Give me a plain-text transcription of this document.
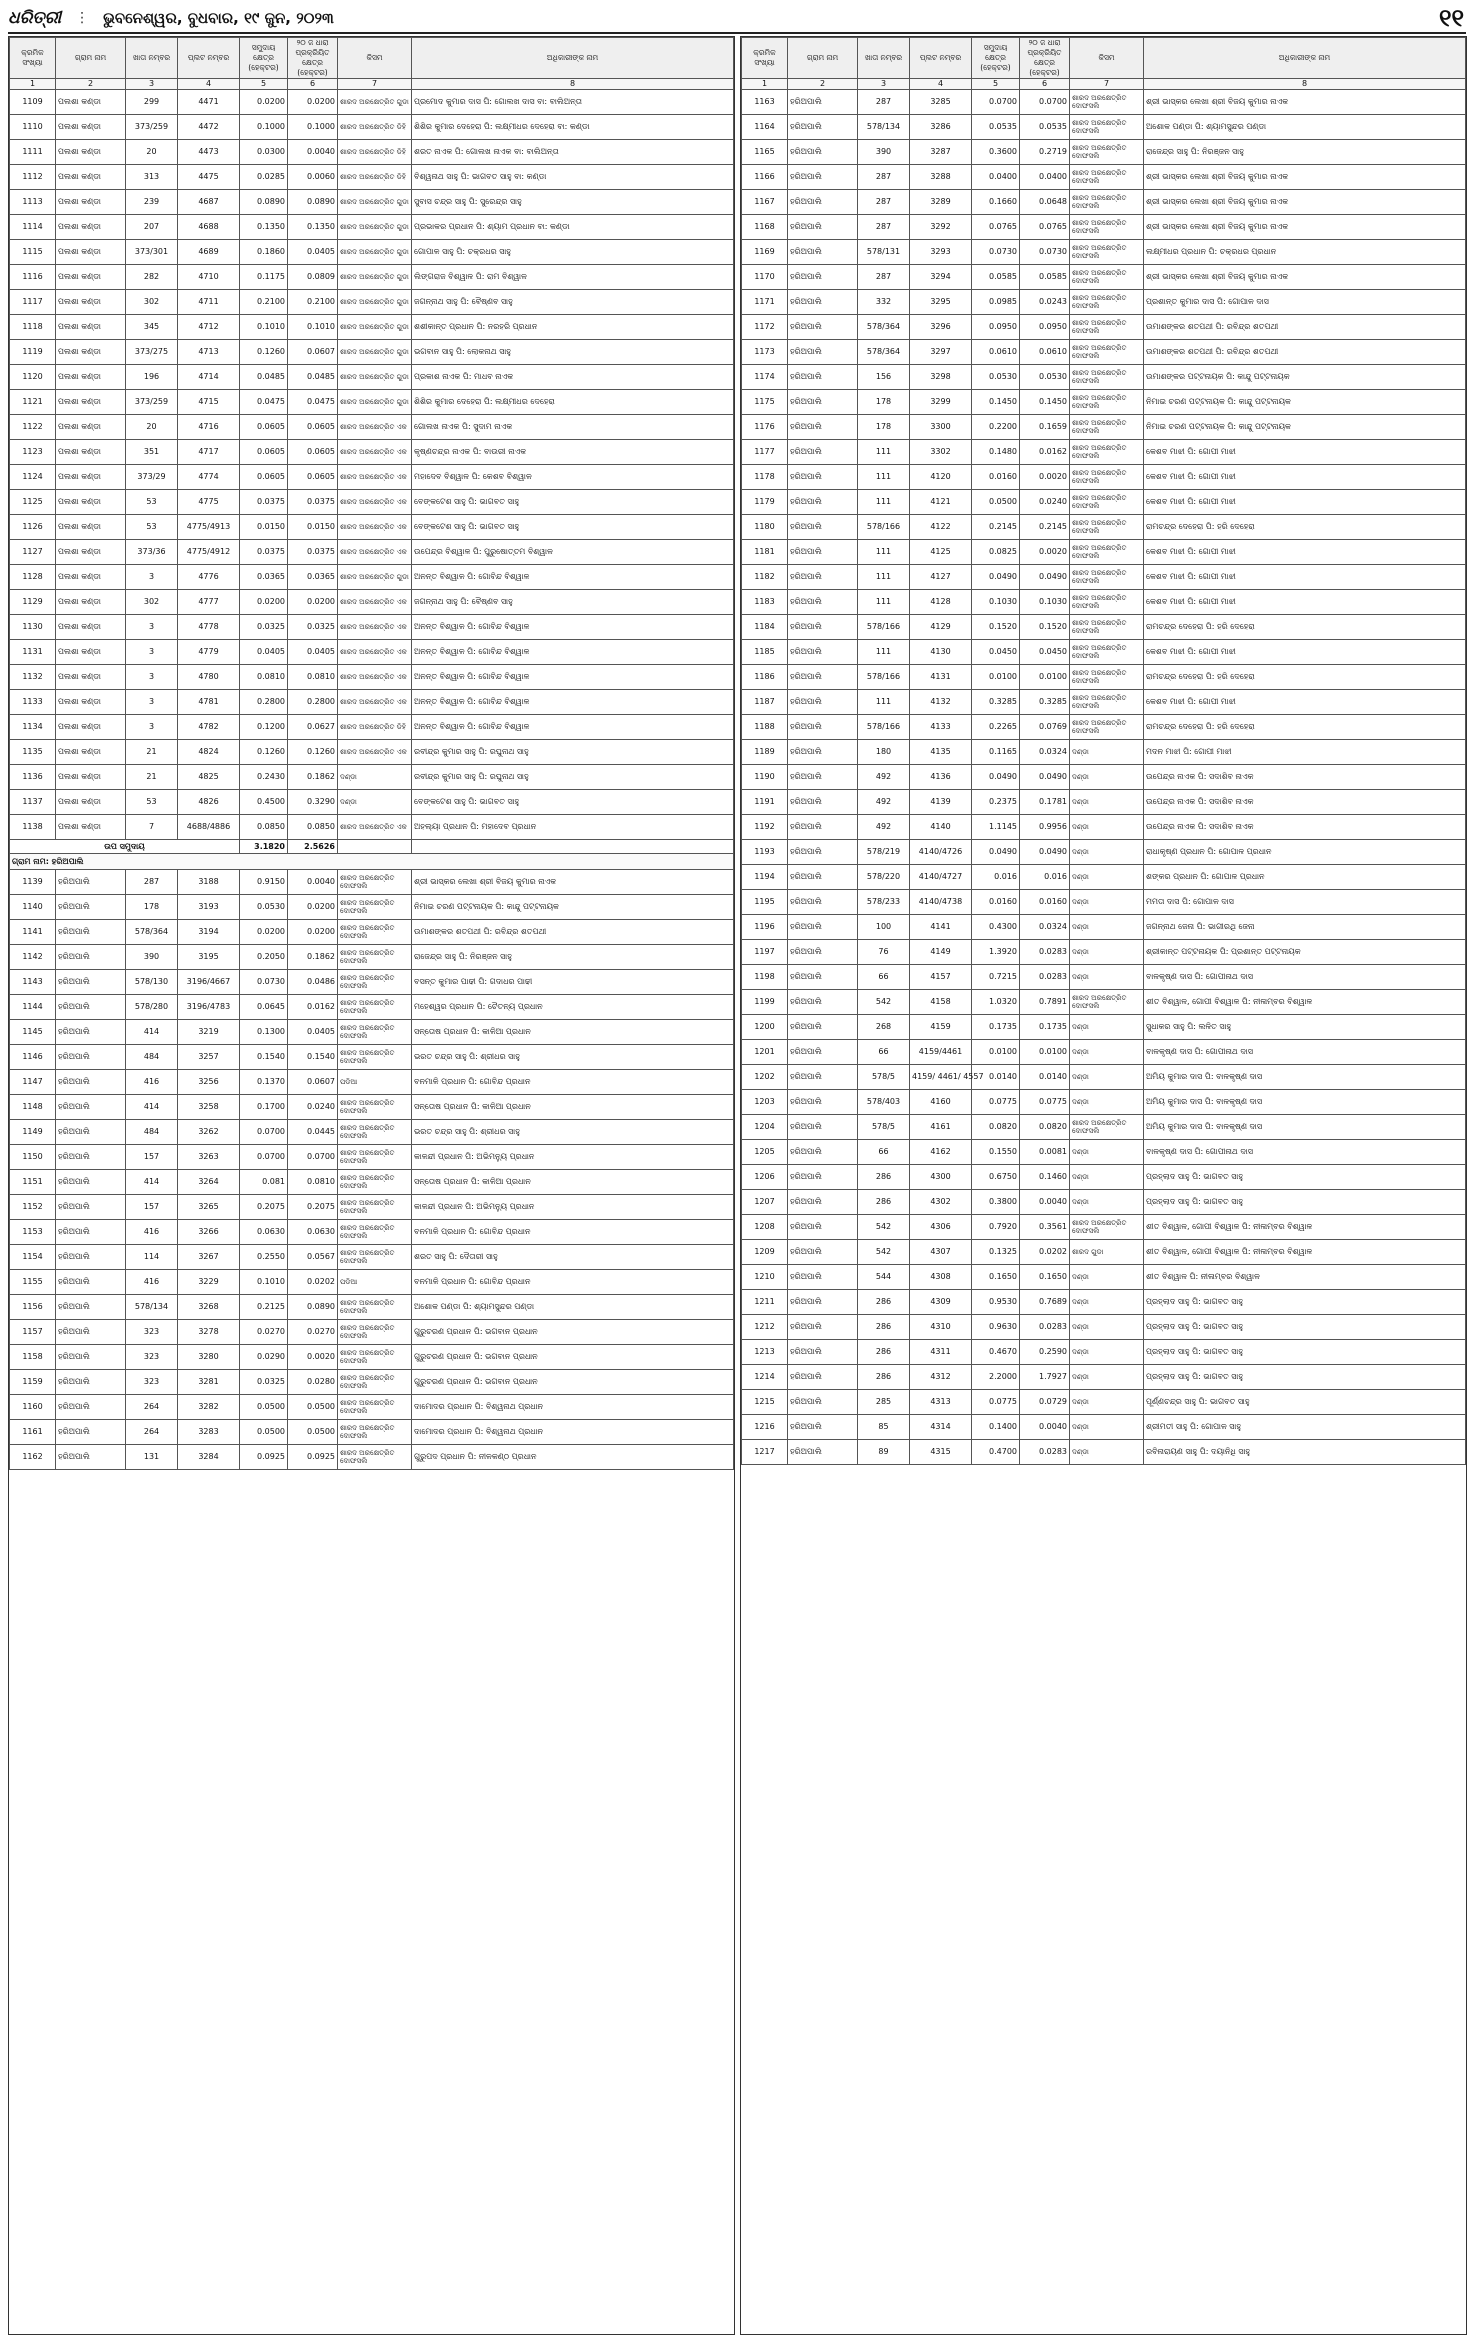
ଧରିତ୍ରୀ ⋮ ଭୁବନେଶ୍ୱର, ବୁଧବାର, ୧୯ ଜୁନ, ୨୦୨୩	୧୧
କ୍ରମିକ ସଂଖ୍ୟା	ଗ୍ରାମ ନାମ	ଖାତା ନମ୍ବର	ପ୍ଲଟ ନମ୍ବର	ସମୁଦାୟ କ୍ଷେତ୍ର (ହେକ୍ଟର)	୨୦ ଜ ଧାରା ପ୍ରକ୍ରିୟିତ କ୍ଷେତ୍ର (ହେକ୍ଟର)	କିସମ	ଅଧିକାରୀଙ୍କ ନାମ
1	2	3	4	5	6	7	8
1109	ପଲଶା କଣ୍ଡା	299	4471	0.0200	0.0200	ଶାରଦ ଅରକ୍ଷେତ୍ରିତ ଗୁଡା	ପ୍ରମୋଦ କୁମାର ଦାସ ପି: ଗୋଲଖ ଦାସ ବା: ବାଲିଅନ୍ତା
1110	ପଲଶା କଣ୍ଡା	373/259	4472	0.1000	0.1000	ଶାରଦ ଅରକ୍ଷେତ୍ରିତ ଡିହି	ଶିଶିର କୁମାର ଦେହେରା ପି: ଲକ୍ଷ୍ମୀଧର ଦେହେରା ବା: କଣ୍ଡା
1111	ପଲଶା କଣ୍ଡା	20	4473	0.0300	0.0040	ଶାରଦ ଅରକ୍ଷେତ୍ରିତ ଡିହି	ଶରତ ନାଏକ ପି: ଗୋଲଖ ନାଏକ ବା: ବାଲିଅନ୍ତା
1112	ପଲଶା କଣ୍ଡା	313	4475	0.0285	0.0060	ଶାରଦ ଅରକ୍ଷେତ୍ରିତ ଡିହି	ବିଶ୍ୱନାଥ ସାହୁ ପି: ଭାଗବତ ସାହୁ ବା: କଣ୍ଡା
1113	ପଲଶା କଣ୍ଡା	239	4687	0.0890	0.0890	ଶାରଦ ଅରକ୍ଷେତ୍ରିତ ଗୁଡା	ସୁବାସ ଚନ୍ଦ୍ର ସାହୁ ପି: ସୁରେନ୍ଦ୍ର ସାହୁ
1114	ପଲଶା କଣ୍ଡା	207	4688	0.1350	0.1350	ଶାରଦ ଅରକ୍ଷେତ୍ରିତ ଗୁଡା	ପ୍ରଭାକର ପ୍ରଧାନ ପି: ଶ୍ୟାମ ପ୍ରଧାନ ବା: କଣ୍ଡା
1115	ପଲଶା କଣ୍ଡା	373/301	4689	0.1860	0.0405	ଶାରଦ ଅରକ୍ଷେତ୍ରିତ ଗୁଡା	ଗୋପାଳ ସାହୁ ପି: ଚକ୍ରଧର ସାହୁ
1116	ପଲଶା କଣ୍ଡା	282	4710	0.1175	0.0809	ଶାରଦ ଅରକ୍ଷେତ୍ରିତ ଗୁଡା	ଲିଙ୍ଗରାଜ ବିଶ୍ୱାଳ ପି: ରାମ ବିଶ୍ୱାଳ
1117	ପଲଶା କଣ୍ଡା	302	4711	0.2100	0.2100	ଶାରଦ ଅରକ୍ଷେତ୍ରିତ ଗୁଡା	ଜଗନ୍ନାଥ ସାହୁ ପି: ବୈଷ୍ଣବ ସାହୁ
1118	ପଲଶା କଣ୍ଡା	345	4712	0.1010	0.1010	ଶାରଦ ଅରକ୍ଷେତ୍ରିତ ଗୁଡା	ଶଶୀକାନ୍ତ ପ୍ରଧାନ ପି: ନରହରି ପ୍ରଧାନ
1119	ପଲଶା କଣ୍ଡା	373/275	4713	0.1260	0.0607	ଶାରଦ ଅରକ୍ଷେତ୍ରିତ ଗୁଡା	ଭଗବାନ ସାହୁ ପି: ଲୋକନାଥ ସାହୁ
1120	ପଲଶା କଣ୍ଡା	196	4714	0.0485	0.0485	ଶାରଦ ଅରକ୍ଷେତ୍ରିତ ଗୁଡା	ପ୍ରକାଶ ନାଏକ ପି: ମାଧବ ନାଏକ
1121	ପଲଶା କଣ୍ଡା	373/259	4715	0.0475	0.0475	ଶାରଦ ଅରକ୍ଷେତ୍ରିତ ଗୁଡା	ଶିଶିର କୁମାର ଦେହେରା ପି: ଲକ୍ଷ୍ମୀଧର ଦେହେରା
1122	ପଲଶା କଣ୍ଡା	20	4716	0.0605	0.0605	ଶାରଦ ଅରକ୍ଷେତ୍ରିତ ଏକ	ଗୋଲଖ ନାଏକ ପି: ସୁଦାମ ନାଏକ
1123	ପଲଶା କଣ୍ଡା	351	4717	0.0605	0.0605	ଶାରଦ ଅରକ୍ଷେତ୍ରିତ ଏକ	କୃଷ୍ଣଚନ୍ଦ୍ର ନାଏକ ପି: ବାଉରୀ ନାଏକ
1124	ପଲଶା କଣ୍ଡା	373/29	4774	0.0605	0.0605	ଶାରଦ ଅରକ୍ଷେତ୍ରିତ ଏକ	ମହାଦେବ ବିଶ୍ୱାଳ ପି: କେଶବ ବିଶ୍ୱାଳ
1125	ପଲଶା କଣ୍ଡା	53	4775	0.0375	0.0375	ଶାରଦ ଅରକ୍ଷେତ୍ରିତ ଏକ	ବେଙ୍କଟେଶ ସାହୁ ପି: ଭାଗବତ ସାହୁ
1126	ପଲଶା କଣ୍ଡା	53	4775/4913	0.0150	0.0150	ଶାରଦ ଅରକ୍ଷେତ୍ରିତ ଏକ	ବେଙ୍କଟେଶ ସାହୁ ପି: ଭାଗବତ ସାହୁ
1127	ପଲଶା କଣ୍ଡା	373/36	4775/4912	0.0375	0.0375	ଶାରଦ ଅରକ୍ଷେତ୍ରିତ ଏକ	ଉପେନ୍ଦ୍ର ବିଶ୍ୱାଳ ପି: ପୁରୁଷୋତ୍ତମ ବିଶ୍ୱାଳ
1128	ପଲଶା କଣ୍ଡା	3	4776	0.0365	0.0365	ଶାରଦ ଅରକ୍ଷେତ୍ରିତ ଗୁଡା	ଅନନ୍ତ ବିଶ୍ୱାଳ ପି: ଗୋବିନ୍ଦ ବିଶ୍ୱାଳ
1129	ପଲଶା କଣ୍ଡା	302	4777	0.0200	0.0200	ଶାରଦ ଅରକ୍ଷେତ୍ରିତ ଏକ	ଜଗନ୍ନାଥ ସାହୁ ପି: ବୈଷ୍ଣବ ସାହୁ
1130	ପଲଶା କଣ୍ଡା	3	4778	0.0325	0.0325	ଶାରଦ ଅରକ୍ଷେତ୍ରିତ ଏକ	ଅନନ୍ତ ବିଶ୍ୱାଳ ପି: ଗୋବିନ୍ଦ ବିଶ୍ୱାଳ
1131	ପଲଶା କଣ୍ଡା	3	4779	0.0405	0.0405	ଶାରଦ ଅରକ୍ଷେତ୍ରିତ ଏକ	ଅନନ୍ତ ବିଶ୍ୱାଳ ପି: ଗୋବିନ୍ଦ ବିଶ୍ୱାଳ
1132	ପଲଶା କଣ୍ଡା	3	4780	0.0810	0.0810	ଶାରଦ ଅରକ୍ଷେତ୍ରିତ ଏକ	ଅନନ୍ତ ବିଶ୍ୱାଳ ପି: ଗୋବିନ୍ଦ ବିଶ୍ୱାଳ
1133	ପଲଶା କଣ୍ଡା	3	4781	0.2800	0.2800	ଶାରଦ ଅରକ୍ଷେତ୍ରିତ ଏକ	ଅନନ୍ତ ବିଶ୍ୱାଳ ପି: ଗୋବିନ୍ଦ ବିଶ୍ୱାଳ
1134	ପଲଶା କଣ୍ଡା	3	4782	0.1200	0.0627	ଶାରଦ ଅରକ୍ଷେତ୍ରିତ ଡିହି	ଅନନ୍ତ ବିଶ୍ୱାଳ ପି: ଗୋବିନ୍ଦ ବିଶ୍ୱାଳ
1135	ପଲଶା କଣ୍ଡା	21	4824	0.1260	0.1260	ଶାରଦ ଅରକ୍ଷେତ୍ରିତ ଏକ	ରବୀନ୍ଦ୍ର କୁମାର ସାହୁ ପି: ରଘୁନାଥ ସାହୁ
1136	ପଲଶା କଣ୍ଡା	21	4825	0.2430	0.1862	ଦଣ୍ଡା	ରବୀନ୍ଦ୍ର କୁମାର ସାହୁ ପି: ରଘୁନାଥ ସାହୁ
1137	ପଲଶା କଣ୍ଡା	53	4826	0.4500	0.3290	ଦଣ୍ଡା	ବେଙ୍କଟେଶ ସାହୁ ପି: ଭାଗବତ ସାହୁ
1138	ପଲଶା କଣ୍ଡା	7	4688/4886	0.0850	0.0850	ଶାରଦ ଅରକ୍ଷେତ୍ରିତ ଏକ	ଅହଲ୍ୟା ପ୍ରଧାନ ପି: ମହାଦେବ ପ୍ରଧାନ
ଉପ ସମୁଦାୟ				3.1820	2.5626		
ଗ୍ରାମ ନାମ: ହରିଅପାଲି							
1139	ହରିଅପାଲି	287	3188	0.9150	0.0040	ଶାରଦ ଅରକ୍ଷେତ୍ରିତ ଦୋଫସଲି	ଶ୍ରୀ ଭାସ୍କର ଲେଖା ଶ୍ରୀ ବିଜୟ କୁମାର ନାଏକ
1140	ହରିଅପାଲି	178	3193	0.0530	0.0200	ଶାରଦ ଅରକ୍ଷେତ୍ରିତ ଦୋଫସଲି	ନିମାଇ ଚରଣ ପଟ୍ଟନାୟକ ପି: କାନ୍ଦୁ ପଟ୍ଟନାୟକ
1141	ହରିଅପାଲି	578/364	3194	0.0200	0.0200	ଶାରଦ ଅରକ୍ଷେତ୍ରିତ ଦୋଫସଲି	ଉମାଶଙ୍କର ଶତପଥୀ ପି: ରବିନ୍ଦ୍ର ଶତପଥୀ
1142	ହରିଅପାଲି	390	3195	0.2050	0.1862	ଶାରଦ ଅରକ୍ଷେତ୍ରିତ ଦୋଫସଲି	ରାଜେନ୍ଦ୍ର ସାହୁ ପି: ନିରଞ୍ଜନ ସାହୁ
1143	ହରିଅପାଲି	578/130	3196/4667	0.0730	0.0486	ଶାରଦ ଅରକ୍ଷେତ୍ରିତ ଦୋଫସଲି	ବସନ୍ତ କୁମାର ପାଢୀ ପି: ଗଦାଧର ପାଢୀ
1144	ହରିଅପାଲି	578/280	3196/4783	0.0645	0.0162	ଶାରଦ ଅରକ୍ଷେତ୍ରିତ ଦୋଫସଲି	ମହେଶ୍ୱର ପ୍ରଧାନ ପି: ଚୈତନ୍ୟ ପ୍ରଧାନ
1145	ହରିଅପାଲି	414	3219	0.1300	0.0405	ଶାରଦ ଅରକ୍ଷେତ୍ରିତ ଦୋଫସଲି	ସନ୍ତୋଷ ପ୍ରଧାନ ପି: କାଳିଆ ପ୍ରଧାନ
1146	ହରିଅପାଲି	484	3257	0.1540	0.1540	ଶାରଦ ଅରକ୍ଷେତ୍ରିତ ଦୋଫସଲି	ଭରତ ଚନ୍ଦ୍ର ସାହୁ ପି: ଶ୍ରୀଧର ସାହୁ
1147	ହରିଅପାଲି	416	3256	0.1370	0.0607	ପଡିଆ	ବନମାଳି ପ୍ରଧାନ ପି: ଗୋବିନ୍ଦ ପ୍ରଧାନ
1148	ହରିଅପାଲି	414	3258	0.1700	0.0240	ଶାରଦ ଅରକ୍ଷେତ୍ରିତ ଦୋଫସଲି	ସନ୍ତୋଷ ପ୍ରଧାନ ପି: କାଳିଆ ପ୍ରଧାନ
1149	ହରିଅପାଲି	484	3262	0.0700	0.0445	ଶାରଦ ଅରକ୍ଷେତ୍ରିତ ଦୋଫସଲି	ଭରତ ଚନ୍ଦ୍ର ସାହୁ ପି: ଶ୍ରୀଧର ସାହୁ
1150	ହରିଅପାଲି	157	3263	0.0700	0.0700	ଶାରଦ ଅରକ୍ଷେତ୍ରିତ ଦୋଫସଲି	କାଳନ୍ଦୀ ପ୍ରଧାନ ପି: ଅଭିମନ୍ୟୁ ପ୍ରଧାନ
1151	ହରିଅପାଲି	414	3264	0.081	0.0810	ଶାରଦ ଅରକ୍ଷେତ୍ରିତ ଦୋଫସଲି	ସନ୍ତୋଷ ପ୍ରଧାନ ପି: କାଳିଆ ପ୍ରଧାନ
1152	ହରିଅପାଲି	157	3265	0.2075	0.2075	ଶାରଦ ଅରକ୍ଷେତ୍ରିତ ଦୋଫସଲି	କାଳନ୍ଦୀ ପ୍ରଧାନ ପି: ଅଭିମନ୍ୟୁ ପ୍ରଧାନ
1153	ହରିଅପାଲି	416	3266	0.0630	0.0630	ଶାରଦ ଅରକ୍ଷେତ୍ରିତ ଦୋଫସଲି	ବନମାଳି ପ୍ରଧାନ ପି: ଗୋବିନ୍ଦ ପ୍ରଧାନ
1154	ହରିଅପାଲି	114	3267	0.2550	0.0567	ଶାରଦ ଅରକ୍ଷେତ୍ରିତ ଦୋଫସଲି	ଶରତ ସାହୁ ପି: ଦୈତାରୀ ସାହୁ
1155	ହରିଅପାଲି	416	3229	0.1010	0.0202	ପଡିଆ	ବନମାଳି ପ୍ରଧାନ ପି: ଗୋବିନ୍ଦ ପ୍ରଧାନ
1156	ହରିଅପାଲି	578/134	3268	0.2125	0.0890	ଶାରଦ ଅରକ୍ଷେତ୍ରିତ ଦୋଫସଲି	ଅଶୋକ ପଣ୍ଡା ପି: ଶ୍ୟାମସୁନ୍ଦର ପଣ୍ଡା
1157	ହରିଅପାଲି	323	3278	0.0270	0.0270	ଶାରଦ ଅରକ୍ଷେତ୍ରିତ ଦୋଫସଲି	ଗୁରୁଚରଣ ପ୍ରଧାନ ପି: ଭଗବାନ ପ୍ରଧାନ
1158	ହରିଅପାଲି	323	3280	0.0290	0.0020	ଶାରଦ ଅରକ୍ଷେତ୍ରିତ ଦୋଫସଲି	ଗୁରୁଚରଣ ପ୍ରଧାନ ପି: ଭଗବାନ ପ୍ରଧାନ
1159	ହରିଅପାଲି	323	3281	0.0325	0.0280	ଶାରଦ ଅରକ୍ଷେତ୍ରିତ ଦୋଫସଲି	ଗୁରୁଚରଣ ପ୍ରଧାନ ପି: ଭଗବାନ ପ୍ରଧାନ
1160	ହରିଅପାଲି	264	3282	0.0500	0.0500	ଶାରଦ ଅରକ୍ଷେତ୍ରିତ ଦୋଫସଲି	ଦାମୋଦର ପ୍ରଧାନ ପି: ବିଶ୍ୱନାଥ ପ୍ରଧାନ
1161	ହରିଅପାଲି	264	3283	0.0500	0.0500	ଶାରଦ ଅରକ୍ଷେତ୍ରିତ ଦୋଫସଲି	ଦାମୋଦର ପ୍ରଧାନ ପି: ବିଶ୍ୱନାଥ ପ୍ରଧାନ
1162	ହରିଅପାଲି	131	3284	0.0925	0.0925	ଶାରଦ ଅରକ୍ଷେତ୍ରିତ ଦୋଫସଲି	ଗୁରୁପଦ ପ୍ରଧାନ ପି: ନୀଳକଣ୍ଠ ପ୍ରଧାନ
କ୍ରମିକ ସଂଖ୍ୟା	ଗ୍ରାମ ନାମ	ଖାତା ନମ୍ବର	ପ୍ଲଟ ନମ୍ବର	ସମୁଦାୟ କ୍ଷେତ୍ର (ହେକ୍ଟର)	୨୦ ଜ ଧାରା ପ୍ରକ୍ରିୟିତ କ୍ଷେତ୍ର (ହେକ୍ଟର)	କିସମ	ଅଧିକାରୀଙ୍କ ନାମ
1	2	3	4	5	6	7	8
1163	ହରିଅପାଲି	287	3285	0.0700	0.0700	ଶାରଦ ଅରକ୍ଷେତ୍ରିତ ଦୋଫସଲି	ଶ୍ରୀ ଭାସ୍କର ଲେଖା ଶ୍ରୀ ବିଜୟ କୁମାର ନାଏକ
1164	ହରିଅପାଲି	578/134	3286	0.0535	0.0535	ଶାରଦ ଅରକ୍ଷେତ୍ରିତ ଦୋଫସଲି	ଅଶୋକ ପଣ୍ଡା ପି: ଶ୍ୟାମସୁନ୍ଦର ପଣ୍ଡା
1165	ହରିଅପାଲି	390	3287	0.3600	0.2719	ଶାରଦ ଅରକ୍ଷେତ୍ରିତ ଦୋଫସଲି	ରାଜେନ୍ଦ୍ର ସାହୁ ପି: ନିରଞ୍ଜନ ସାହୁ
1166	ହରିଅପାଲି	287	3288	0.0400	0.0400	ଶାରଦ ଅରକ୍ଷେତ୍ରିତ ଦୋଫସଲି	ଶ୍ରୀ ଭାସ୍କର ଲେଖା ଶ୍ରୀ ବିଜୟ କୁମାର ନାଏକ
1167	ହରିଅପାଲି	287	3289	0.1660	0.0648	ଶାରଦ ଅରକ୍ଷେତ୍ରିତ ଦୋଫସଲି	ଶ୍ରୀ ଭାସ୍କର ଲେଖା ଶ୍ରୀ ବିଜୟ କୁମାର ନାଏକ
1168	ହରିଅପାଲି	287	3292	0.0765	0.0765	ଶାରଦ ଅରକ୍ଷେତ୍ରିତ ଦୋଫସଲି	ଶ୍ରୀ ଭାସ୍କର ଲେଖା ଶ୍ରୀ ବିଜୟ କୁମାର ନାଏକ
1169	ହରିଅପାଲି	578/131	3293	0.0730	0.0730	ଶାରଦ ଅରକ୍ଷେତ୍ରିତ ଦୋଫସଲି	ଲକ୍ଷ୍ମୀଧର ପ୍ରଧାନ ପି: ଚକ୍ରଧର ପ୍ରଧାନ
1170	ହରିଅପାଲି	287	3294	0.0585	0.0585	ଶାରଦ ଅରକ୍ଷେତ୍ରିତ ଦୋଫସଲି	ଶ୍ରୀ ଭାସ୍କର ଲେଖା ଶ୍ରୀ ବିଜୟ କୁମାର ନାଏକ
1171	ହରିଅପାଲି	332	3295	0.0985	0.0243	ଶାରଦ ଅରକ୍ଷେତ୍ରିତ ଦୋଫସଲି	ପ୍ରଶାନ୍ତ କୁମାର ଦାସ ପି: ଗୋପାଳ ଦାସ
1172	ହରିଅପାଲି	578/364	3296	0.0950	0.0950	ଶାରଦ ଅରକ୍ଷେତ୍ରିତ ଦୋଫସଲି	ଉମାଶଙ୍କର ଶତପଥୀ ପି: ରବିନ୍ଦ୍ର ଶତପଥୀ
1173	ହରିଅପାଲି	578/364	3297	0.0610	0.0610	ଶାରଦ ଅରକ୍ଷେତ୍ରିତ ଦୋଫସଲି	ଉମାଶଙ୍କର ଶତପଥୀ ପି: ରବିନ୍ଦ୍ର ଶତପଥୀ
1174	ହରିଅପାଲି	156	3298	0.0530	0.0530	ଶାରଦ ଅରକ୍ଷେତ୍ରିତ ଦୋଫସଲି	ଉମାଶଙ୍କର ପଟ୍ଟନାୟକ ପି: କାନ୍ଦୁ ପଟ୍ଟନାୟକ
1175	ହରିଅପାଲି	178	3299	0.1450	0.1450	ଶାରଦ ଅରକ୍ଷେତ୍ରିତ ଦୋଫସଲି	ନିମାଇ ଚରଣ ପଟ୍ଟନାୟକ ପି: କାନ୍ଦୁ ପଟ୍ଟନାୟକ
1176	ହରିଅପାଲି	178	3300	0.2200	0.1659	ଶାରଦ ଅରକ୍ଷେତ୍ରିତ ଦୋଫସଲି	ନିମାଇ ଚରଣ ପଟ୍ଟନାୟକ ପି: କାନ୍ଦୁ ପଟ୍ଟନାୟକ
1177	ହରିଅପାଲି	111	3302	0.1480	0.0162	ଶାରଦ ଅରକ୍ଷେତ୍ରିତ ଦୋଫସଲି	କେଶବ ମାଝୀ ପି: ଗୋପୀ ମାଝୀ
1178	ହରିଅପାଲି	111	4120	0.0160	0.0020	ଶାରଦ ଅରକ୍ଷେତ୍ରିତ ଦୋଫସଲି	କେଶବ ମାଝୀ ପି: ଗୋପୀ ମାଝୀ
1179	ହରିଅପାଲି	111	4121	0.0500	0.0240	ଶାରଦ ଅରକ୍ଷେତ୍ରିତ ଦୋଫସଲି	କେଶବ ମାଝୀ ପି: ଗୋପୀ ମାଝୀ
1180	ହରିଅପାଲି	578/166	4122	0.2145	0.2145	ଶାରଦ ଅରକ୍ଷେତ୍ରିତ ଦୋଫସଲି	ରାମଚନ୍ଦ୍ର ଦେହେରା ପି: ହରି ଦେହେରା
1181	ହରିଅପାଲି	111	4125	0.0825	0.0020	ଶାରଦ ଅରକ୍ଷେତ୍ରିତ ଦୋଫସଲି	କେଶବ ମାଝୀ ପି: ଗୋପୀ ମାଝୀ
1182	ହରିଅପାଲି	111	4127	0.0490	0.0490	ଶାରଦ ଅରକ୍ଷେତ୍ରିତ ଦୋଫସଲି	କେଶବ ମାଝୀ ପି: ଗୋପୀ ମାଝୀ
1183	ହରିଅପାଲି	111	4128	0.1030	0.1030	ଶାରଦ ଅରକ୍ଷେତ୍ରିତ ଦୋଫସଲି	କେଶବ ମାଝୀ ପି: ଗୋପୀ ମାଝୀ
1184	ହରିଅପାଲି	578/166	4129	0.1520	0.1520	ଶାରଦ ଅରକ୍ଷେତ୍ରିତ ଦୋଫସଲି	ରାମଚନ୍ଦ୍ର ଦେହେରା ପି: ହରି ଦେହେରା
1185	ହରିଅପାଲି	111	4130	0.0450	0.0450	ଶାରଦ ଅରକ୍ଷେତ୍ରିତ ଦୋଫସଲି	କେଶବ ମାଝୀ ପି: ଗୋପୀ ମାଝୀ
1186	ହରିଅପାଲି	578/166	4131	0.0100	0.0100	ଶାରଦ ଅରକ୍ଷେତ୍ରିତ ଦୋଫସଲି	ରାମଚନ୍ଦ୍ର ଦେହେରା ପି: ହରି ଦେହେରା
1187	ହରିଅପାଲି	111	4132	0.3285	0.3285	ଶାରଦ ଅରକ୍ଷେତ୍ରିତ ଦୋଫସଲି	କେଶବ ମାଝୀ ପି: ଗୋପୀ ମାଝୀ
1188	ହରିଅପାଲି	578/166	4133	0.2265	0.0769	ଶାରଦ ଅରକ୍ଷେତ୍ରିତ ଦୋଫସଲି	ରାମଚନ୍ଦ୍ର ଦେହେରା ପି: ହରି ଦେହେରା
1189	ହରିଅପାଲି	180	4135	0.1165	0.0324	ଦଣ୍ଡା	ମଦନ ମାଝୀ ପି: ଗୋପୀ ମାଝୀ
1190	ହରିଅପାଲି	492	4136	0.0490	0.0490	ଦଣ୍ଡା	ଉପେନ୍ଦ୍ର ନାଏକ ପି: ସଦାଶିବ ନାଏକ
1191	ହରିଅପାଲି	492	4139	0.2375	0.1781	ଦଣ୍ଡା	ଉପେନ୍ଦ୍ର ନାଏକ ପି: ସଦାଶିବ ନାଏକ
1192	ହରିଅପାଲି	492	4140	1.1145	0.9956	ଦଣ୍ଡା	ଉପେନ୍ଦ୍ର ନାଏକ ପି: ସଦାଶିବ ନାଏକ
1193	ହରିଅପାଲି	578/219	4140/4726	0.0490	0.0490	ଦଣ୍ଡା	ରାଧାକୃଷ୍ଣ ପ୍ରଧାନ ପି: ଗୋପାଳ ପ୍ରଧାନ
1194	ହରିଅପାଲି	578/220	4140/4727	0.016	0.016	ଦଣ୍ଡା	ଶଙ୍କର ପ୍ରଧାନ ପି: ଗୋପାଳ ପ୍ରଧାନ
1195	ହରିଅପାଲି	578/233	4140/4738	0.0160	0.0160	ଦଣ୍ଡା	ମମତା ଦାସ ପି: ଗୋପାଳ ଦାସ
1196	ହରିଅପାଲି	100	4141	0.4300	0.0324	ଦଣ୍ଡା	ଜଗନ୍ନାଥ ଜେନା ପି: ଭାଗୀରଥି ଜେନା
1197	ହରିଅପାଲି	76	4149	1.3920	0.0283	ଦଣ୍ଡା	ଶ୍ରୀକାନ୍ତ ପଟ୍ଟନାୟକ ପି: ପ୍ରଶାନ୍ତ ପଟ୍ଟନାୟକ
1198	ହରିଅପାଲି	66	4157	0.7215	0.0283	ଦଣ୍ଡା	ବାଳକୃଷ୍ଣ ଦାସ ପି: ଗୋପୀନାଥ ଦାସ
1199	ହରିଅପାଲି	542	4158	1.0320	0.7891	ଶାରଦ ଅରକ୍ଷେତ୍ରିତ ଦୋଫସଲି	ଶୀତ ବିଶ୍ୱାଳ, ଗୋପୀ ବିଶ୍ୱାଳ ପି: ନୀଳାମ୍ବର ବିଶ୍ୱାଳ
1200	ହରିଅପାଲି	268	4159	0.1735	0.1735	ଦଣ୍ଡା	ସୁଧାକର ସାହୁ ପି: ଲଳିତ ସାହୁ
1201	ହରିଅପାଲି	66	4159/4461	0.0100	0.0100	ଦଣ୍ଡା	ବାଳକୃଷ୍ଣ ଦାସ ପି: ଗୋପୀନାଥ ଦାସ
1202	ହରିଅପାଲି	578/5	4159/ 4461/ 4557	0.0140	0.0140	ଦଣ୍ଡା	ଅମିୟ କୁମାର ଦାସ ପି: ବାଳକୃଷ୍ଣ ଦାସ
1203	ହରିଅପାଲି	578/403	4160	0.0775	0.0775	ଦଣ୍ଡା	ଅମିୟ କୁମାର ଦାସ ପି: ବାଳକୃଷ୍ଣ ଦାସ
1204	ହରିଅପାଲି	578/5	4161	0.0820	0.0820	ଶାରଦ ଅରକ୍ଷେତ୍ରିତ ଦୋଫସଲି	ଅମିୟ କୁମାର ଦାସ ପି: ବାଳକୃଷ୍ଣ ଦାସ
1205	ହରିଅପାଲି	66	4162	0.1550	0.0081	ଦଣ୍ଡା	ବାଳକୃଷ୍ଣ ଦାସ ପି: ଗୋପୀନାଥ ଦାସ
1206	ହରିଅପାଲି	286	4300	0.6750	0.1460	ଦଣ୍ଡା	ପ୍ରହ୍ଲାଦ ସାହୁ ପି: ଭାଗବତ ସାହୁ
1207	ହରିଅପାଲି	286	4302	0.3800	0.0040	ଦଣ୍ଡା	ପ୍ରହ୍ଲାଦ ସାହୁ ପି: ଭାଗବତ ସାହୁ
1208	ହରିଅପାଲି	542	4306	0.7920	0.3561	ଶାରଦ ଅରକ୍ଷେତ୍ରିତ ଦୋଫସଲି	ଶୀତ ବିଶ୍ୱାଳ, ଗୋପୀ ବିଶ୍ୱାଳ ପି: ନୀଳାମ୍ବର ବିଶ୍ୱାଳ
1209	ହରିଅପାଲି	542	4307	0.1325	0.0202	ଶାରଦ ଗୁଡା	ଶୀତ ବିଶ୍ୱାଳ, ଗୋପୀ ବିଶ୍ୱାଳ ପି: ନୀଳାମ୍ବର ବିଶ୍ୱାଳ
1210	ହରିଅପାଲି	544	4308	0.1650	0.1650	ଦଣ୍ଡା	ଶୀତ ବିଶ୍ୱାଳ ପି: ନୀଳାମ୍ବର ବିଶ୍ୱାଳ
1211	ହରିଅପାଲି	286	4309	0.9530	0.7689	ଦଣ୍ଡା	ପ୍ରହ୍ଲାଦ ସାହୁ ପି: ଭାଗବତ ସାହୁ
1212	ହରିଅପାଲି	286	4310	0.9630	0.0283	ଦଣ୍ଡା	ପ୍ରହ୍ଲାଦ ସାହୁ ପି: ଭାଗବତ ସାହୁ
1213	ହରିଅପାଲି	286	4311	0.4670	0.2590	ଦଣ୍ଡା	ପ୍ରହ୍ଲାଦ ସାହୁ ପି: ଭାଗବତ ସାହୁ
1214	ହରିଅପାଲି	286	4312	2.2000	1.7927	ଦଣ୍ଡା	ପ୍ରହ୍ଲାଦ ସାହୁ ପି: ଭାଗବତ ସାହୁ
1215	ହରିଅପାଲି	285	4313	0.0775	0.0729	ଦଣ୍ଡା	ପୂର୍ଣ୍ଣଚନ୍ଦ୍ର ସାହୁ ପି: ଭାଗବତ ସାହୁ
1216	ହରିଅପାଲି	85	4314	0.1400	0.0040	ଦଣ୍ଡା	ଶ୍ରୀମତୀ ସାହୁ ପି: ଗୋପାଳ ସାହୁ
1217	ହରିଅପାଲି	89	4315	0.4700	0.0283	ଦଣ୍ଡା	ରବିନାରାୟଣ ସାହୁ ପି: ଦୟାନିଧି ସାହୁ
